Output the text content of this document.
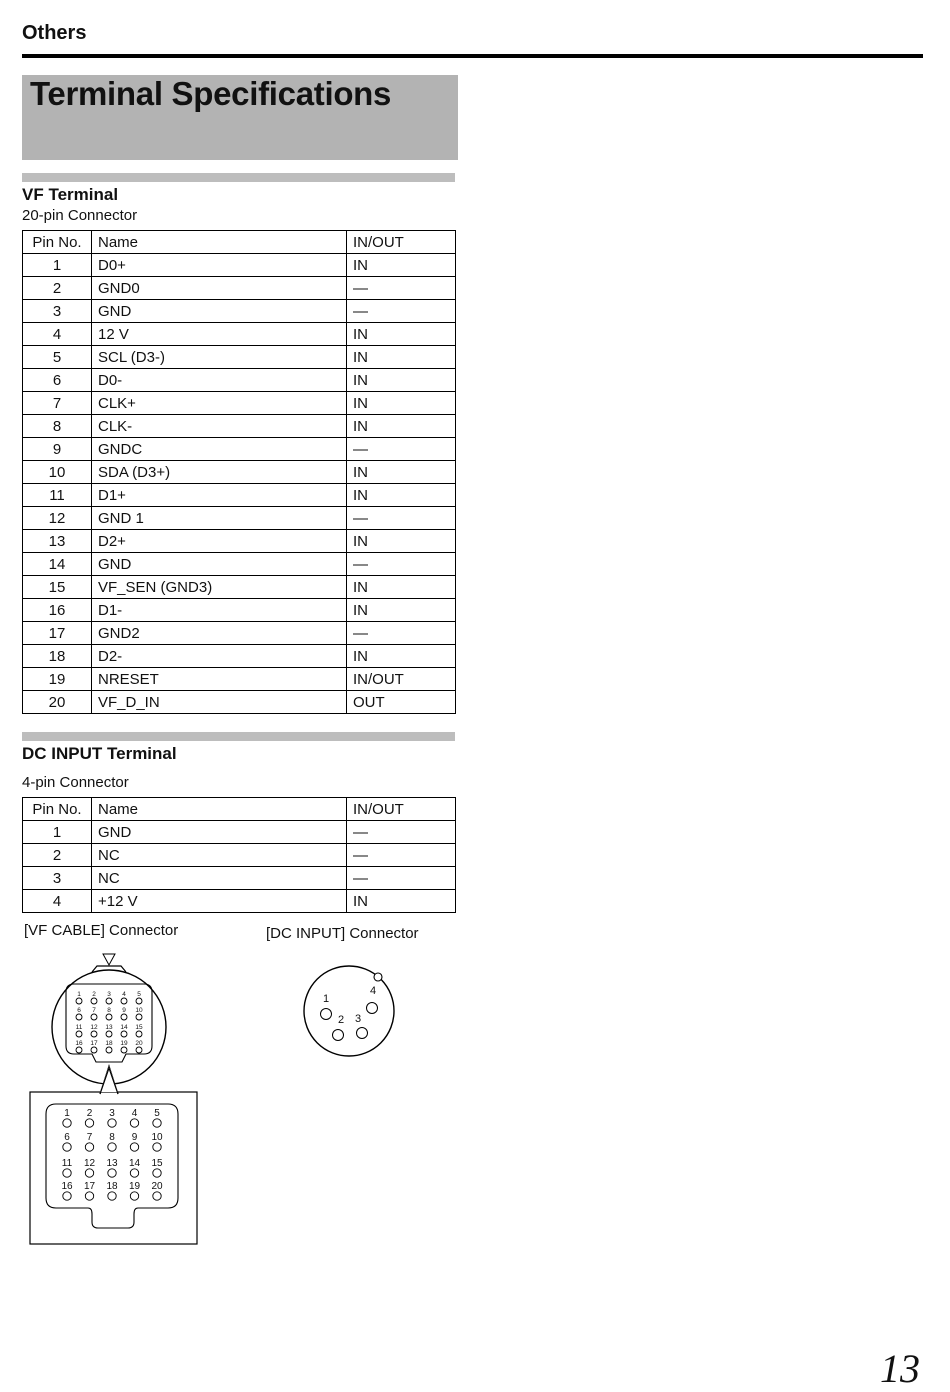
Others
Terminal Specifications
VF Terminal
20-pin Connector
Pin No.	Name	IN/OUT
1	D0+	IN
2	GND0	—
3	GND	—
4	12 V	IN
5	SCL (D3-)	IN
6	D0-	IN
7	CLK+	IN
8	CLK-	IN
9	GNDC	—
10	SDA (D3+)	IN
11	D1+	IN
12	GND 1	—
13	D2+	IN
14	GND	—
15	VF_SEN (GND3)	IN
16	D1-	IN
17	GND2	—
18	D2-	IN
19	NRESET	IN/OUT
20	VF_D_IN	OUT
DC INPUT Terminal
4-pin Connector
Pin No.	Name	IN/OUT
1	GND	—
2	NC	—
3	NC	—
4	+12 V	IN
[VF CABLE] Connector	[DC INPUT] Connector
1 2 3 4 5
6 7 8 9 10
11 12 13 14 15
16 17 18 19 20
1 2 3 4 5
6 7 8 9 10
11 12 13 14 15
16 17 18 19 20
1
2 3
4
13
